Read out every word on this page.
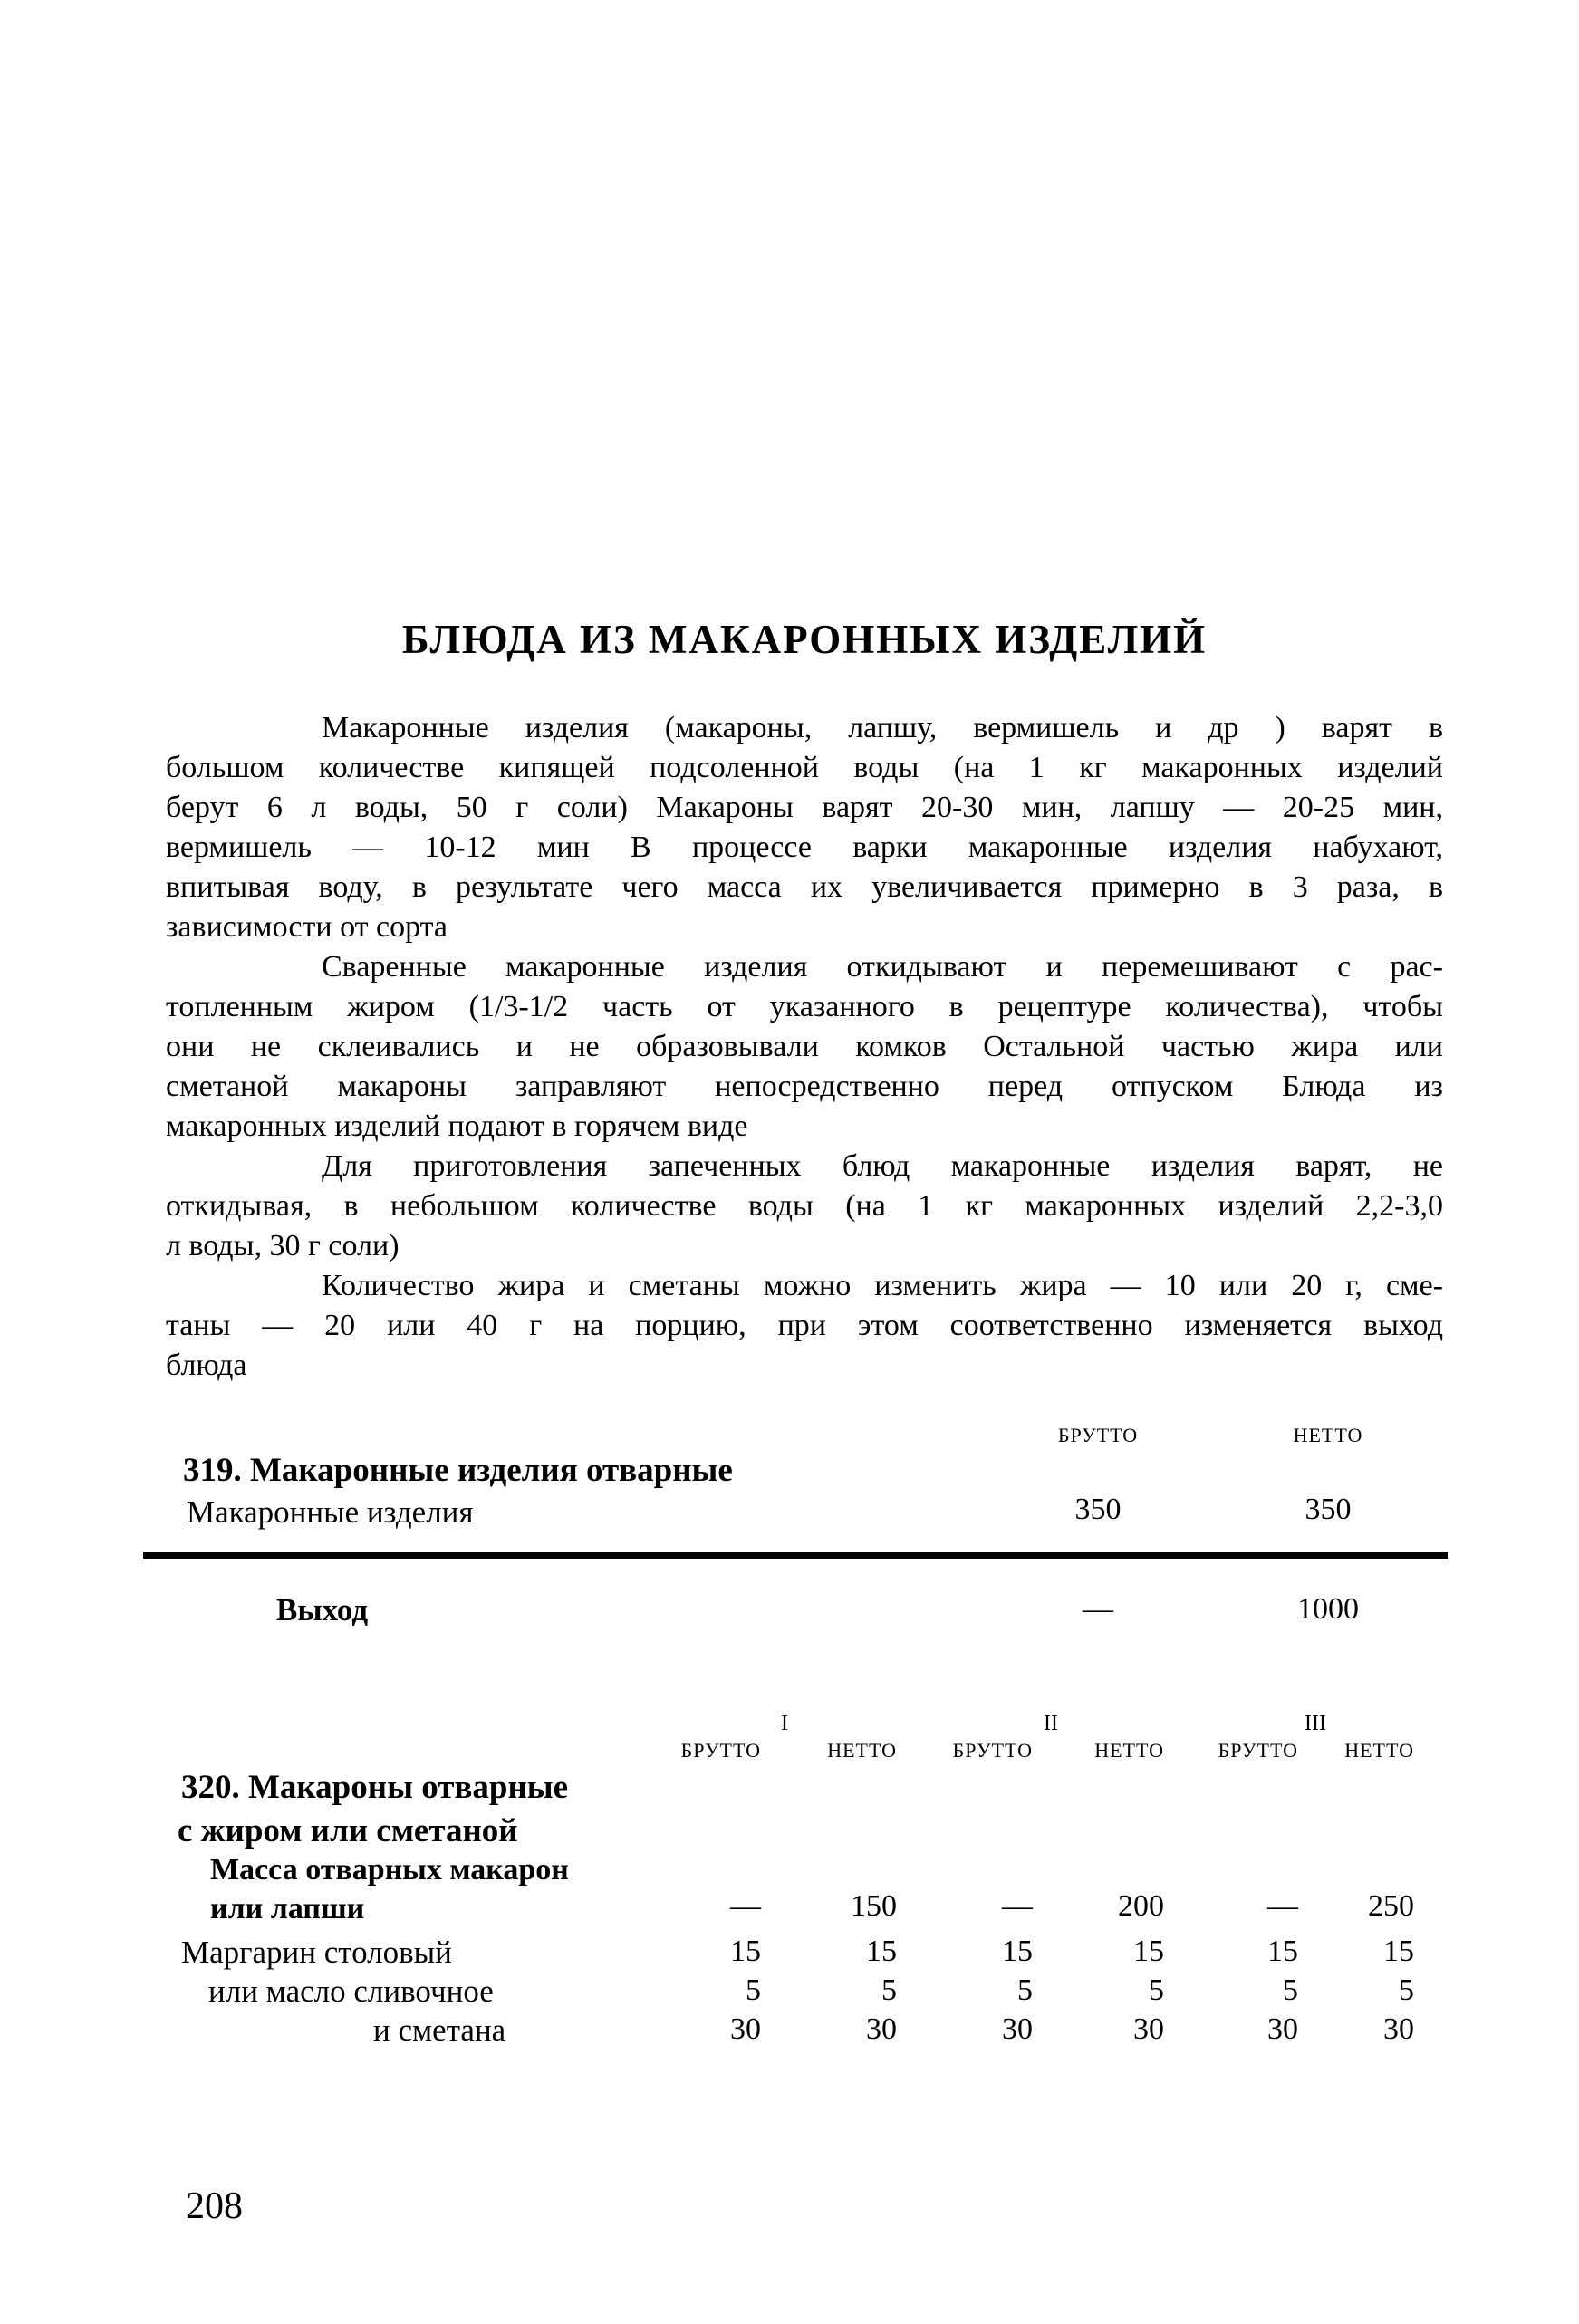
БЛЮДА ИЗ МАКАРОННЫХ ИЗДЕЛИЙ
Макаронные изделия (макароны, лапшу, вермишель и др ) варят в
большом количестве кипящей подсоленной воды (на 1 кг макаронных изделий
берут 6 л воды, 50 г соли) Макароны варят 20-30 мин, лапшу — 20-25 мин,
вермишель — 10-12 мин В процессе варки макаронные изделия набухают,
впитывая воду, в результате чего масса их увеличивается примерно в 3 раза, в
зависимости от сорта
Сваренные макаронные изделия откидывают и перемешивают с рас-
топленным жиром (1/3-1/2 часть от указанного в рецептуре количества), чтобы
они не склеивались и не образовывали комков Остальной частью жира или
сметаной макароны заправляют непосредственно перед отпуском Блюда из
макаронных изделий подают в горячем виде
Для приготовления запеченных блюд макаронные изделия варят, не
откидывая, в небольшом количестве воды (на 1 кг макаронных изделий 2,2-3,0
л воды, 30 г соли)
Количество жира и сметаны можно изменить жира — 10 или 20 г, сме-
таны — 20 или 40 г на порцию, при этом соответственно изменяется выход
блюда
БРУТТО	НЕТТО
319. Макаронные изделия отварные
Макаронные изделия	350	350
Выход	—	1000
I	II	III
БРУТТО	НЕТТО	БРУТТО	НЕТТО	БРУТТО	НЕТТО
320. Макароны отварные
с жиром или сметаной
Масса отварных макарон
или лапши	—	150	—	200	—	250
Маргарин столовый	15	15	15	15	15	15
или масло сливочное	5	5	5	5	5	5
и сметана	30	30	30	30	30	30
208
